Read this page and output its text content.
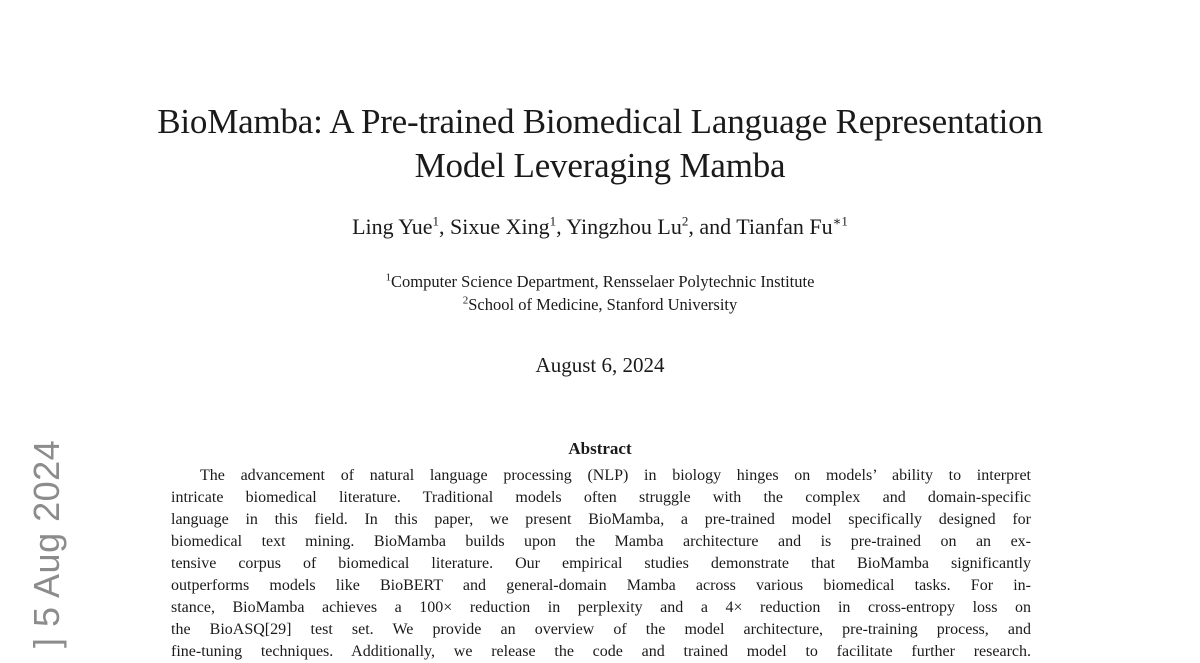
BioMamba: A Pre-trained Biomedical Language Representation
Model Leveraging Mamba
Ling Yue$^1$, Sixue Xing$^1$, Yingzhou Lu$^2$, and Tianfan $Fu^{∗1}$
$^1$Computer Science Department, Rensselaer Polytechnic Institute
$^2$School of Medicine, Stanford University
August 6, 2024
Abstract
The advancement of natural language processing (NLP) in biology hinges on models’ ability to interpret
intricate biomedical literature. Traditional models often struggle with the complex and domain-specific
language in this field. In this paper, we present BioMamba, a pre-trained model specifically designed for
biomedical text mining. BioMamba builds upon the Mamba architecture and is pre-trained on an ex-
tensive corpus of biomedical literature. Our empirical studies demonstrate that BioMamba significantly
outperforms models like BioBERT and general-domain Mamba across various biomedical tasks. For in-
stance, BioMamba achieves a 100× reduction in perplexity and a 4× reduction in cross-entropy loss on
the BioASQ[29] test set. We provide an overview of the model architecture, pre-training process, and
fine-tuning techniques. Additionally, we release the code and trained model to facilitate further research.
] 5 Aug 2024
